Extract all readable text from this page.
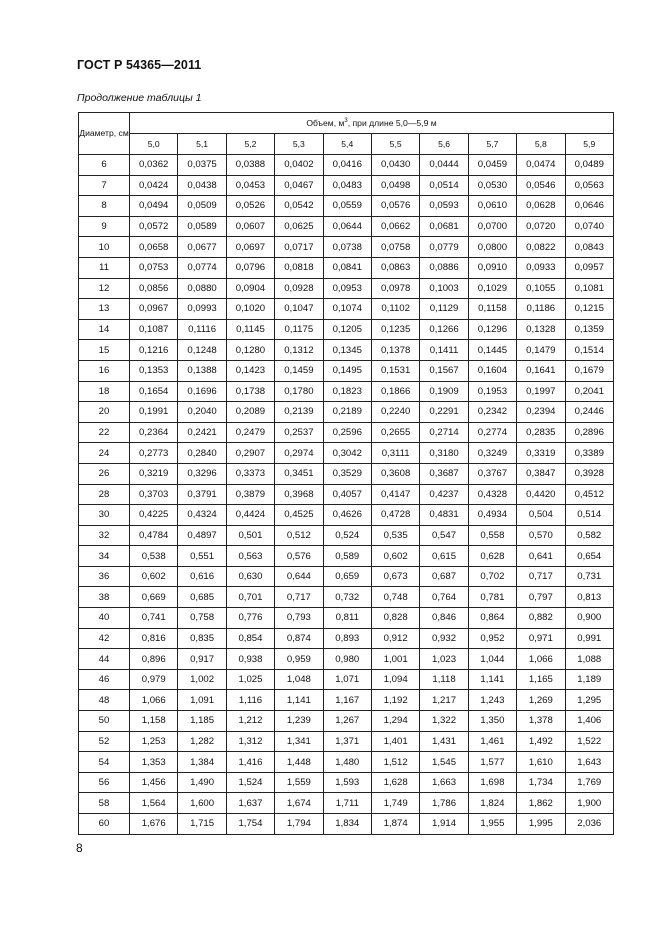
ГОСТ Р 54365—2011
Продолжение таблицы 1
Диаметр, см	Объем, $м^3$, при длине 5,0—5,9 м									
	5,0	5,1	5,2	5,3	5,4	5,5	5,6	5,7	5,8	5,9
6	0,0362	0,0375	0,0388	0,0402	0,0416	0,0430	0,0444	0,0459	0,0474	0,0489
7	0,0424	0,0438	0,0453	0,0467	0,0483	0,0498	0,0514	0,0530	0,0546	0,0563
8	0,0494	0,0509	0,0526	0,0542	0,0559	0,0576	0,0593	0,0610	0,0628	0,0646
9	0,0572	0,0589	0,0607	0,0625	0,0644	0,0662	0,0681	0,0700	0,0720	0,0740
10	0,0658	0,0677	0,0697	0,0717	0,0738	0,0758	0,0779	0,0800	0,0822	0,0843
11	0,0753	0,0774	0,0796	0,0818	0,0841	0,0863	0,0886	0,0910	0,0933	0,0957
12	0,0856	0,0880	0,0904	0,0928	0,0953	0,0978	0,1003	0,1029	0,1055	0,1081
13	0,0967	0,0993	0,1020	0,1047	0,1074	0,1102	0,1129	0,1158	0,1186	0,1215
14	0,1087	0,1116	0,1145	0,1175	0,1205	0,1235	0,1266	0,1296	0,1328	0,1359
15	0,1216	0,1248	0,1280	0,1312	0,1345	0,1378	0,1411	0,1445	0,1479	0,1514
16	0,1353	0,1388	0,1423	0,1459	0,1495	0,1531	0,1567	0,1604	0,1641	0,1679
18	0,1654	0,1696	0,1738	0,1780	0,1823	0,1866	0,1909	0,1953	0,1997	0,2041
20	0,1991	0,2040	0,2089	0,2139	0,2189	0,2240	0,2291	0,2342	0,2394	0,2446
22	0,2364	0,2421	0,2479	0,2537	0,2596	0,2655	0,2714	0,2774	0,2835	0,2896
24	0,2773	0,2840	0,2907	0,2974	0,3042	0,3111	0,3180	0,3249	0,3319	0,3389
26	0,3219	0,3296	0,3373	0,3451	0,3529	0,3608	0,3687	0,3767	0,3847	0,3928
28	0,3703	0,3791	0,3879	0,3968	0,4057	0,4147	0,4237	0,4328	0,4420	0,4512
30	0,4225	0,4324	0,4424	0,4525	0,4626	0,4728	0,4831	0,4934	0,504	0,514
32	0,4784	0,4897	0,501	0,512	0,524	0,535	0,547	0,558	0,570	0,582
34	0,538	0,551	0,563	0,576	0,589	0,602	0,615	0,628	0,641	0,654
36	0,602	0,616	0,630	0,644	0,659	0,673	0,687	0,702	0,717	0,731
38	0,669	0,685	0,701	0,717	0,732	0,748	0,764	0,781	0,797	0,813
40	0,741	0,758	0,776	0,793	0,811	0,828	0,846	0,864	0,882	0,900
42	0,816	0,835	0,854	0,874	0,893	0,912	0,932	0,952	0,971	0,991
44	0,896	0,917	0,938	0,959	0,980	1,001	1,023	1,044	1,066	1,088
46	0,979	1,002	1,025	1,048	1,071	1,094	1,118	1,141	1,165	1,189
48	1,066	1,091	1,116	1,141	1,167	1,192	1,217	1,243	1,269	1,295
50	1,158	1,185	1,212	1,239	1,267	1,294	1,322	1,350	1,378	1,406
52	1,253	1,282	1,312	1,341	1,371	1,401	1,431	1,461	1,492	1,522
54	1,353	1,384	1,416	1,448	1,480	1,512	1,545	1,577	1,610	1,643
56	1,456	1,490	1,524	1,559	1,593	1,628	1,663	1,698	1,734	1,769
58	1,564	1,600	1,637	1,674	1,711	1,749	1,786	1,824	1,862	1,900
60	1,676	1,715	1,754	1,794	1,834	1,874	1,914	1,955	1,995	2,036
8
